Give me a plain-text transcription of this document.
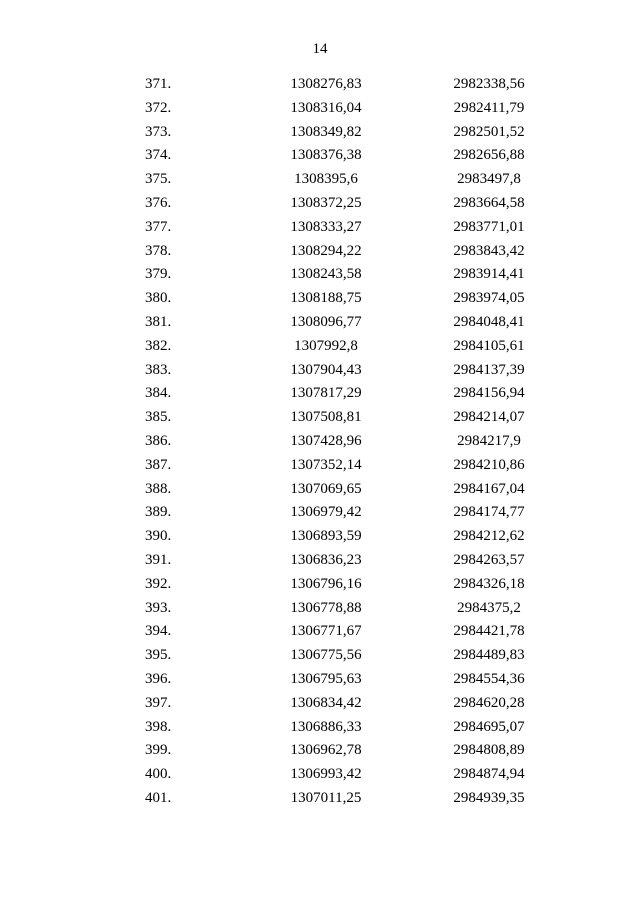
14
371.	1308276,83	2982338,56
372.	1308316,04	2982411,79
373.	1308349,82	2982501,52
374.	1308376,38	2982656,88
375.	1308395,6	2983497,8
376.	1308372,25	2983664,58
377.	1308333,27	2983771,01
378.	1308294,22	2983843,42
379.	1308243,58	2983914,41
380.	1308188,75	2983974,05
381.	1308096,77	2984048,41
382.	1307992,8	2984105,61
383.	1307904,43	2984137,39
384.	1307817,29	2984156,94
385.	1307508,81	2984214,07
386.	1307428,96	2984217,9
387.	1307352,14	2984210,86
388.	1307069,65	2984167,04
389.	1306979,42	2984174,77
390.	1306893,59	2984212,62
391.	1306836,23	2984263,57
392.	1306796,16	2984326,18
393.	1306778,88	2984375,2
394.	1306771,67	2984421,78
395.	1306775,56	2984489,83
396.	1306795,63	2984554,36
397.	1306834,42	2984620,28
398.	1306886,33	2984695,07
399.	1306962,78	2984808,89
400.	1306993,42	2984874,94
401.	1307011,25	2984939,35
